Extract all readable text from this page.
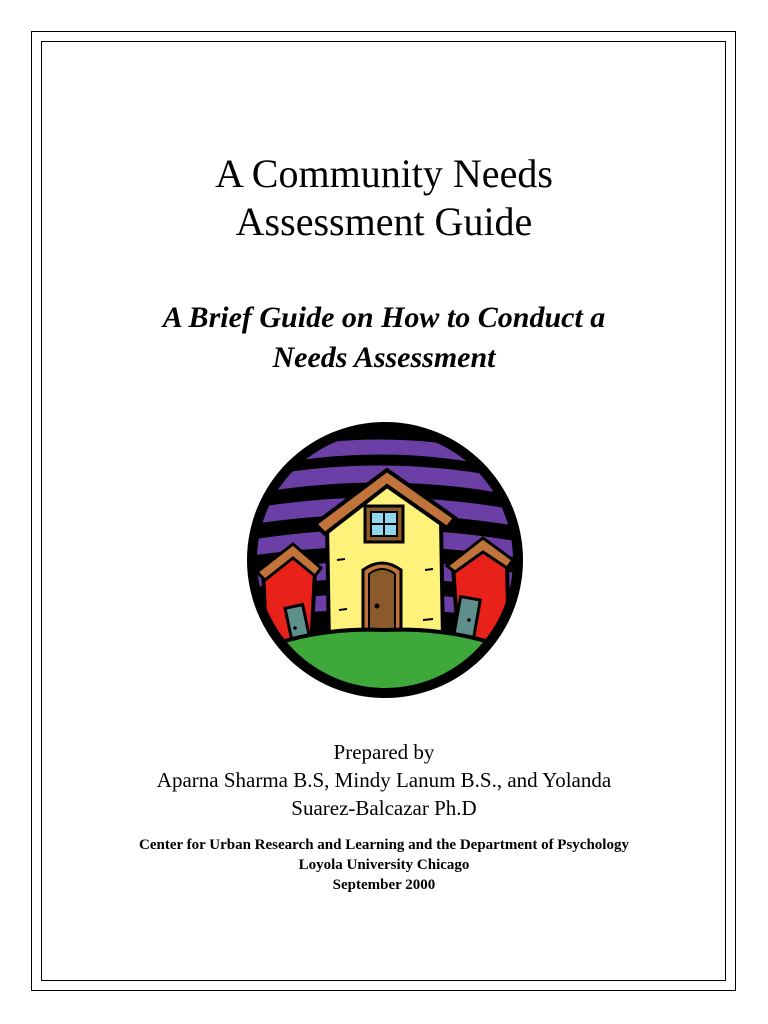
A Community Needs
Assessment Guide
A Brief Guide on How to Conduct a
Needs Assessment
Prepared by
Aparna Sharma B.S, Mindy Lanum B.S., and Yolanda
Suarez-Balcazar Ph.D
Center for Urban Research and Learning and the Department of Psychology
Loyola University Chicago
September 2000
